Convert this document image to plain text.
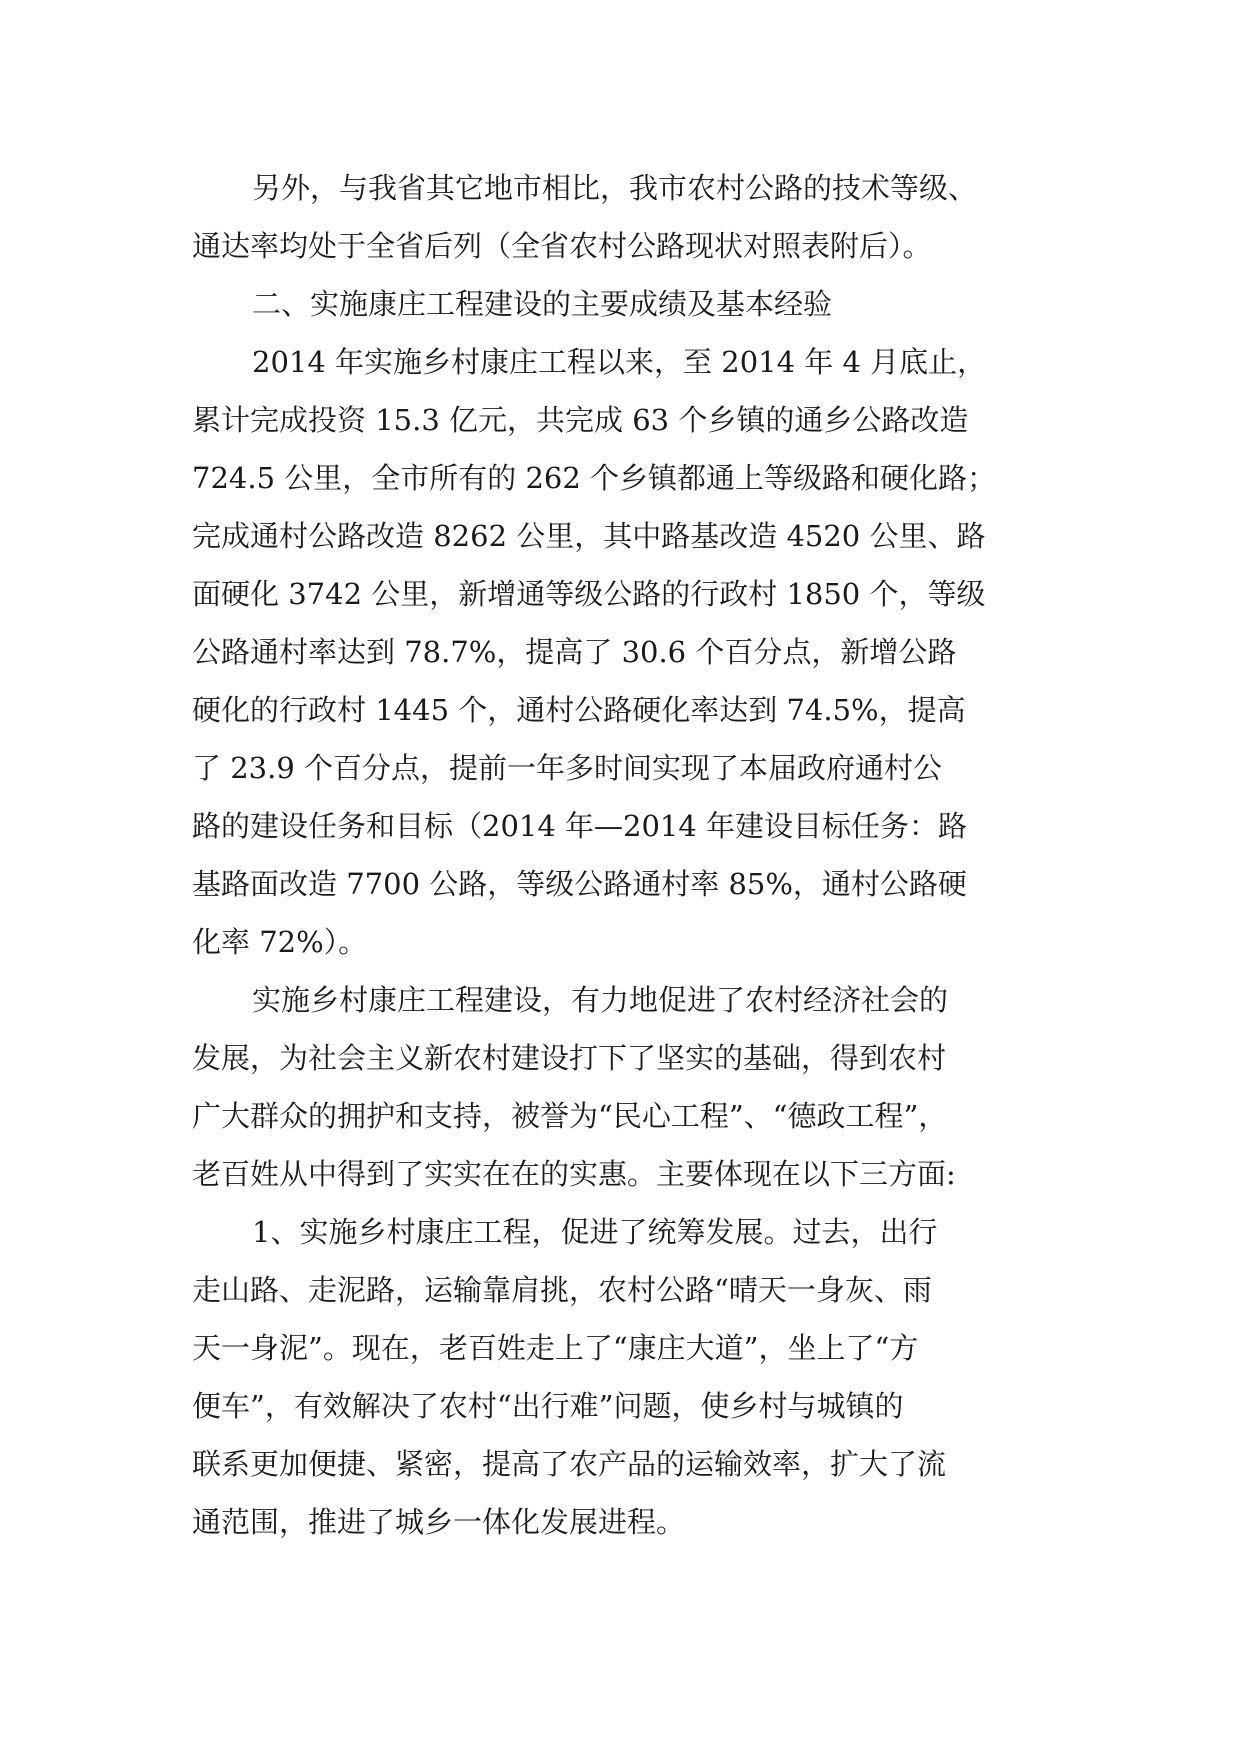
另外，与我省其它地市相比，我市农村公路的技术等级、
通达率均处于全省后列（全省农村公路现状对照表附后）。
二、实施康庄工程建设的主要成绩及基本经验
2014 年实施乡村康庄工程以来，至 2014 年 4 月底止，
累计完成投资 15.3 亿元，共完成 63 个乡镇的通乡公路改造
724.5 公里，全市所有的 262 个乡镇都通上等级路和硬化路；
完成通村公路改造 8262 公里，其中路基改造 4520 公里、路
面硬化 3742 公里，新增通等级公路的行政村 1850 个，等级
公路通村率达到 78.7%，提高了 30.6 个百分点，新增公路
硬化的行政村 1445 个，通村公路硬化率达到 74.5%，提高
了 23.9 个百分点，提前一年多时间实现了本届政府通村公
路的建设任务和目标（2014 年—2014 年建设目标任务：路
基路面改造 7700 公路，等级公路通村率 85%，通村公路硬
化率 72%）。
实施乡村康庄工程建设，有力地促进了农村经济社会的
发展，为社会主义新农村建设打下了坚实的基础，得到农村
广大群众的拥护和支持，被誉为“民心工程”、“德政工程”，
老百姓从中得到了实实在在的实惠。主要体现在以下三方面:
1、实施乡村康庄工程，促进了统筹发展。过去，出行
走山路、走泥路，运输靠肩挑，农村公路“晴天一身灰、雨
天一身泥”。现在，老百姓走上了“康庄大道”，坐上了“方
便车”，有效解决了农村“出行难”问题，使乡村与城镇的
联系更加便捷、紧密，提高了农产品的运输效率，扩大了流
通范围，推进了城乡一体化发展进程。
